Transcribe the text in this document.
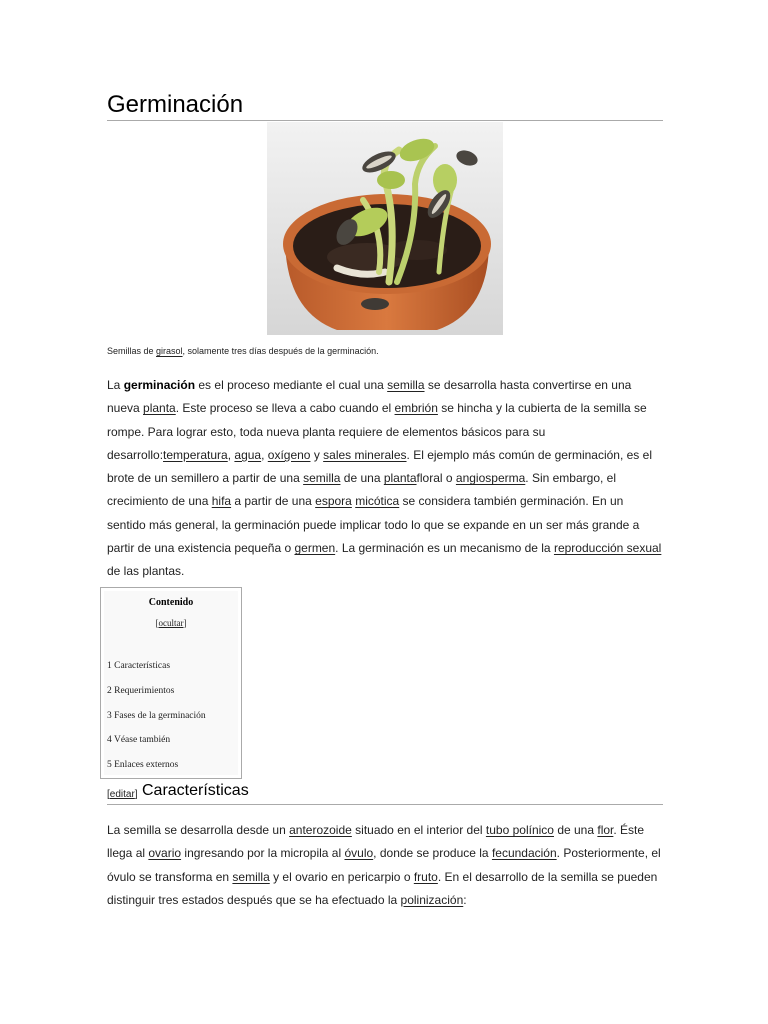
Germinación
Semillas de girasol, solamente tres días después de la germinación.

La germinación es el proceso mediante el cual una semilla se desarrolla hasta convertirse en una nueva planta. Este proceso se lleva a cabo cuando el embrión se hincha y la cubierta de la semilla se rompe. Para lograr esto, toda nueva planta requiere de elementos básicos para su desarrollo:temperatura, agua, oxígeno y sales minerales. El ejemplo más común de germinación, es el brote de un semillero a partir de una semilla de una plantafloral o angiosperma. Sin embargo, el crecimiento de una hifa a partir de una espora micótica se considera también germinación. En un sentido más general, la germinación puede implicar todo lo que se expande en un ser más grande a partir de una existencia pequeña o germen. La germinación es un mecanismo de la reproducción sexual de las plantas.

Contenido
[ocultar]
1 Características
2 Requerimientos
3 Fases de la germinación
4 Véase también
5 Enlaces externos
[editar] Características

La semilla se desarrolla desde un anterozoide situado en el interior del tubo polínico de una flor. Éste llega al ovario ingresando por la micropila al óvulo, donde se produce la fecundación. Posteriormente, el óvulo se transforma en semilla y el ovario en pericarpio o fruto. En el desarrollo de la semilla se pueden distinguir tres estados después que se ha efectuado la polinización:
